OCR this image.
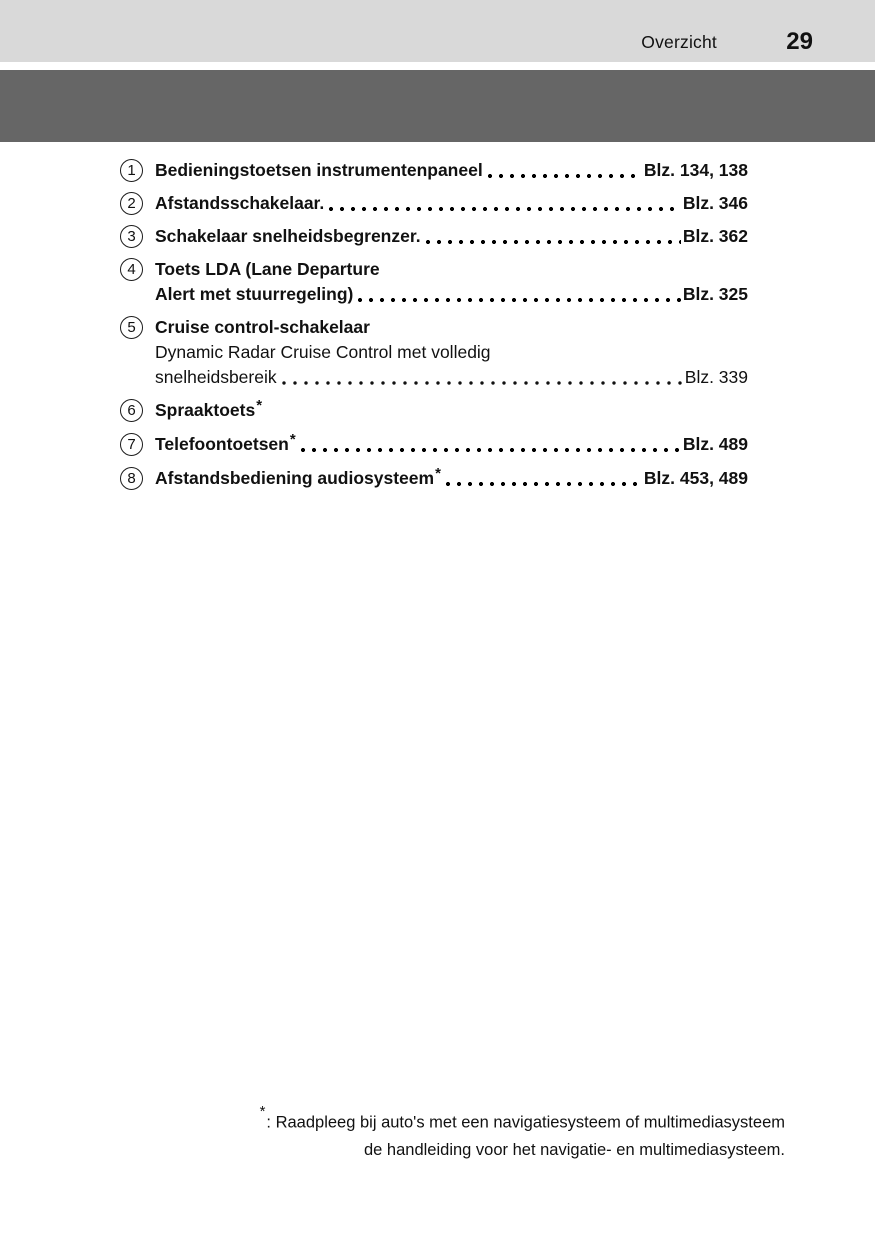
Overzicht	29
1	Bedieningstoetsen instrumentenpaneel	Blz. 134, 138
2	Afstandsschakelaar.	Blz. 346
3	Schakelaar snelheidsbegrenzer.	Blz. 362
4	Toets LDA (Lane Departure
Alert met stuurregeling)	Blz. 325
5	Cruise control-schakelaar
Dynamic Radar Cruise Control met volledig
snelheidsbereik	Blz. 339
6	Spraaktoets *
7	Telefoontoetsen *	Blz. 489
8	Afstandsbediening audiosysteem *	Blz. 453, 489
*: Raadpleeg bij auto's met een navigatiesysteem of multimediasysteem
de handleiding voor het navigatie- en multimediasysteem.
